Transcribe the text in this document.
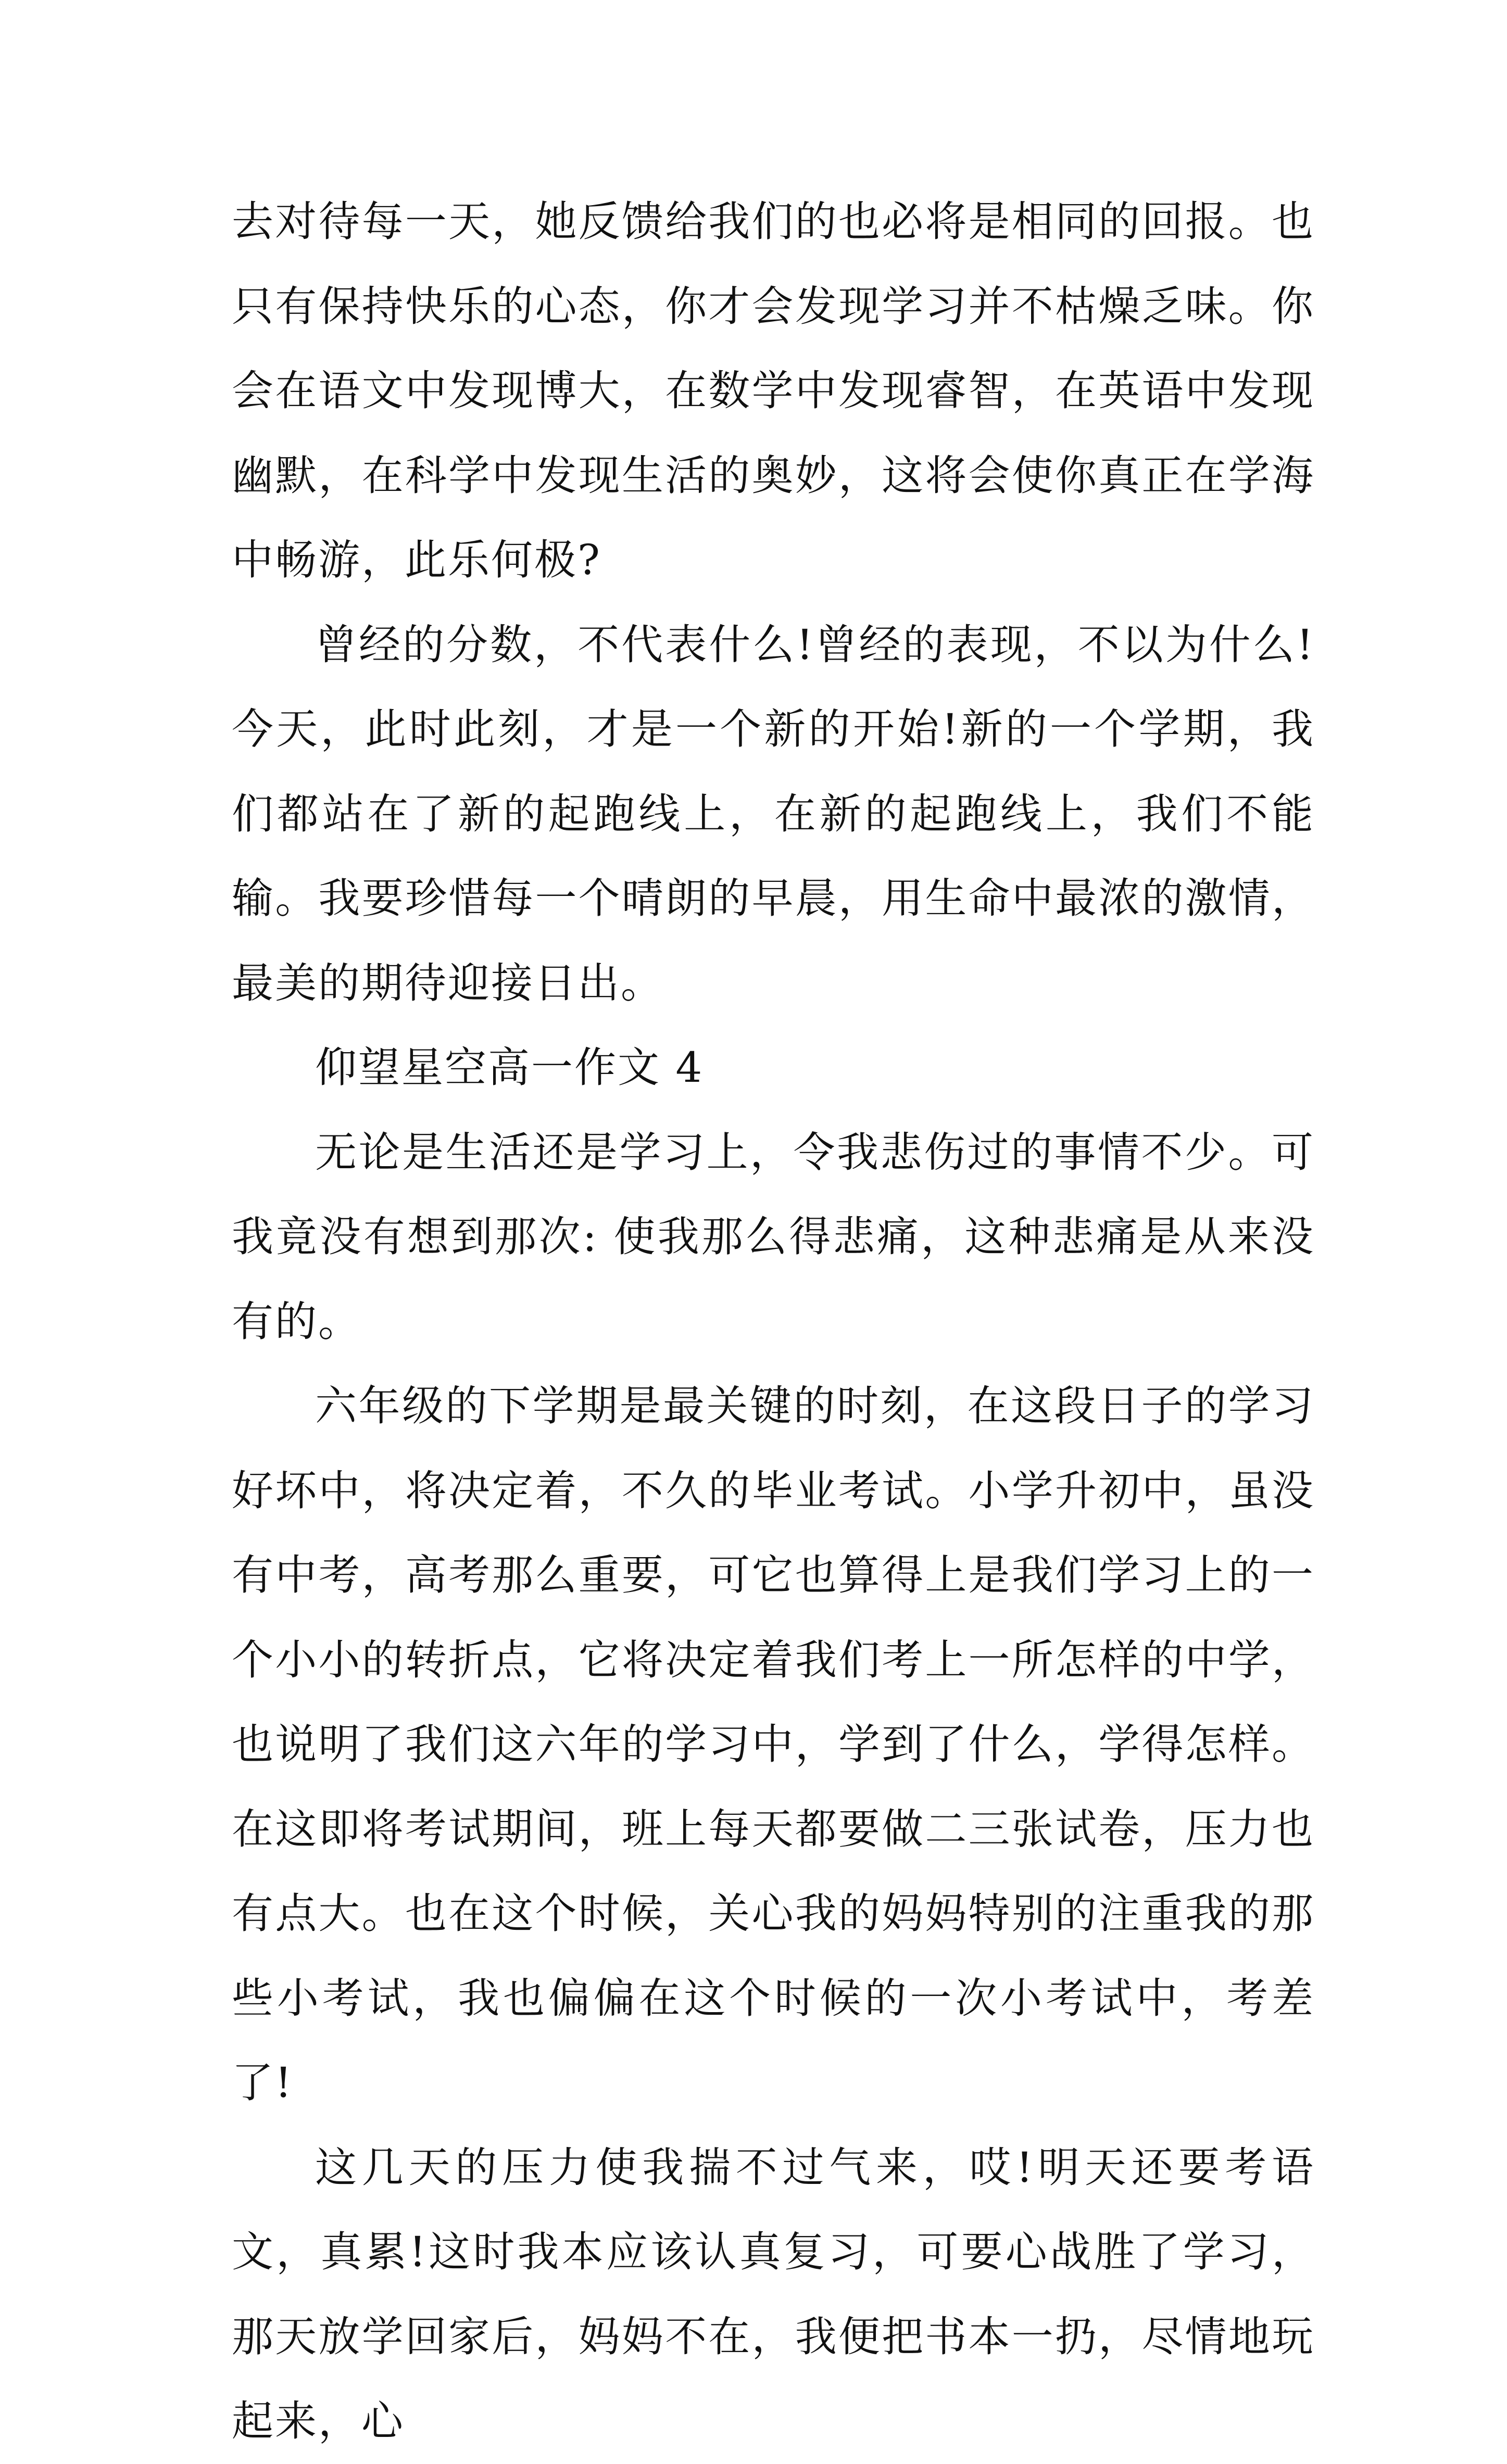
去对待每一天，她反馈给我们的也必将是相同的回报。也只有保持快乐的心态，你才会发现学习并不枯燥乏味。你会在语文中发现博大，在数学中发现睿智，在英语中发现幽默，在科学中发现生活的奥妙，这将会使你真正在学海中畅游，此乐何极?

曾经的分数，不代表什么!曾经的表现，不以为什么!今天，此时此刻，才是一个新的开始!新的一个学期，我们都站在了新的起跑线上，在新的起跑线上，我们不能输。我要珍惜每一个晴朗的早晨，用生命中最浓的激情，最美的期待迎接日出。

仰望星空高一作文 4

无论是生活还是学习上，令我悲伤过的事情不少。可我竟没有想到那次: 使我那么得悲痛，这种悲痛是从来没有的。

六年级的下学期是最关键的时刻，在这段日子的学习好坏中，将决定着，不久的毕业考试。小学升初中，虽没有中考，高考那么重要，可它也算得上是我们学习上的一个小小的转折点，它将决定着我们考上一所怎样的中学，也说明了我们这六年的学习中，学到了什么，学得怎样。在这即将考试期间，班上每天都要做二三张试卷，压力也有点大。也在这个时候，关心我的妈妈特别的注重我的那些小考试，我也偏偏在这个时候的一次小考试中，考差了!

这几天的压力使我揣不过气来，哎!明天还要考语文，真累!这时我本应该认真复习，可要心战胜了学习，那天放学回家后，妈妈不在，我便把书本一扔，尽情地玩起来，心
